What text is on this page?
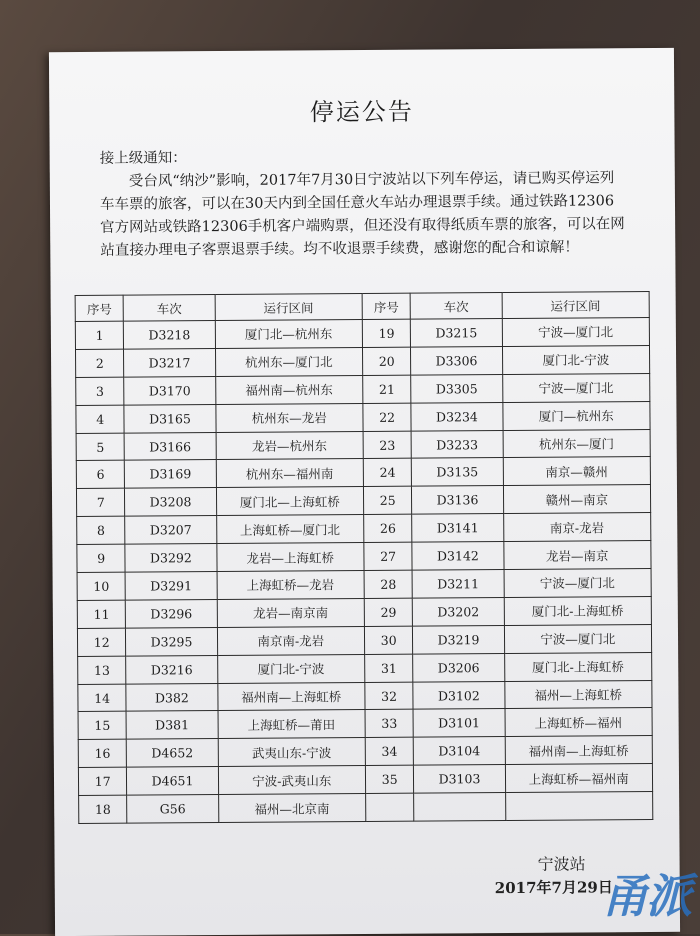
停运公告

接上级通知：

受台风“纳沙”影响，2017年7月30日宁波站以下列车停运，请已购买停运列车车票的旅客，可以在30天内到全国任意火车站办理退票手续。通过铁路12306官方网站或铁路12306手机客户端购票，但还没有取得纸质车票的旅客，可以在网站直接办理电子客票退票手续。均不收退票手续费，感谢您的配合和谅解！

序号	车次	运行区间	序号	车次	运行区间
1	D3218	厦门北—杭州东	19	D3215	宁波—厦门北
2	D3217	杭州东—厦门北	20	D3306	厦门北-宁波
3	D3170	福州南—杭州东	21	D3305	宁波—厦门北
4	D3165	杭州东—龙岩	22	D3234	厦门—杭州东
5	D3166	龙岩—杭州东	23	D3233	杭州东—厦门
6	D3169	杭州东—福州南	24	D3135	南京—赣州
7	D3208	厦门北—上海虹桥	25	D3136	赣州—南京
8	D3207	上海虹桥—厦门北	26	D3141	南京-龙岩
9	D3292	龙岩—上海虹桥	27	D3142	龙岩—南京
10	D3291	上海虹桥—龙岩	28	D3211	宁波—厦门北
11	D3296	龙岩—南京南	29	D3202	厦门北-上海虹桥
12	D3295	南京南-龙岩	30	D3219	宁波—厦门北
13	D3216	厦门北-宁波	31	D3206	厦门北-上海虹桥
14	D382	福州南—上海虹桥	32	D3102	福州—上海虹桥
15	D381	上海虹桥—莆田	33	D3101	上海虹桥—福州
16	D4652	武夷山东-宁波	34	D3104	福州南—上海虹桥
17	D4651	宁波-武夷山东	35	D3103	上海虹桥—福州南
18	G56	福州—北京南			
宁波站
2017年7月29日
甬派
